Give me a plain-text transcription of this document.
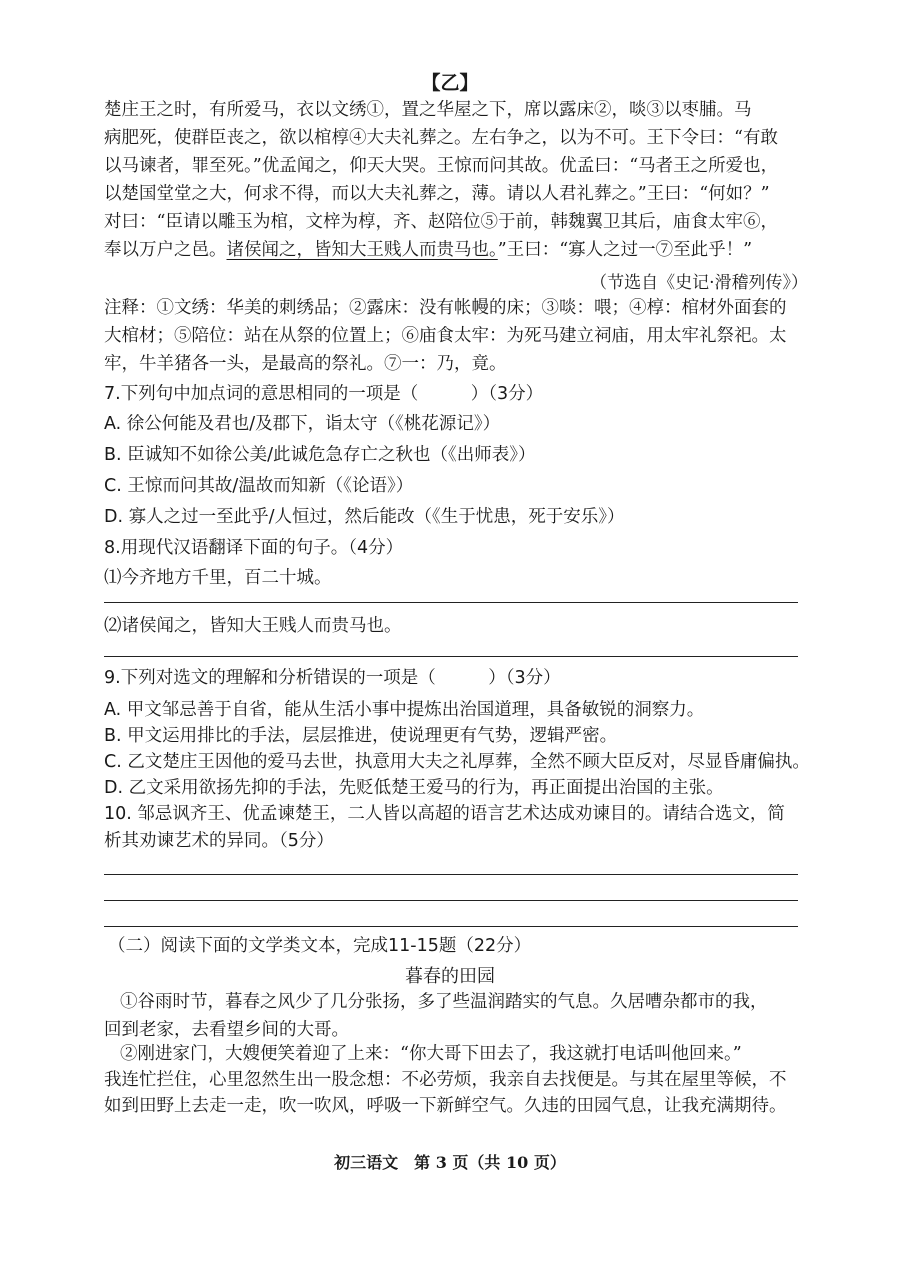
【乙】
楚庄王之时，有所爱马，衣以文绣①，置之华屋之下，席以露床②，啖③以枣脯。马
病肥死，使群臣丧之，欲以棺椁④大夫礼葬之。左右争之，以为不可。王下令曰：“有敢
以马谏者，罪至死。”优孟闻之，仰天大哭。王惊而问其故。优孟曰：“马者王之所爱也，
以楚国堂堂之大，何求不得，而以大夫礼葬之，薄。请以人君礼葬之。”王曰：“何如？”
对曰：“臣请以雕玉为棺，文梓为椁，齐、赵陪位⑤于前，韩魏翼卫其后，庙食太牢⑥，
奉以万户之邑。诸侯闻之，皆知大王贱人而贵马也。”王曰：“寡人之过一⑦至此乎！”
（节选自《史记·滑稽列传》）
注释：①文绣：华美的刺绣品；②露床：没有帐幔的床；③啖：喂；④椁：棺材外面套的
大棺材；⑤陪位：站在从祭的位置上；⑥庙食太牢：为死马建立祠庙，用太牢礼祭祀。太
牢，牛羊猪各一头，是最高的祭礼。⑦一：乃，竟。
7.下列句中加点词的意思相同的一项是（　　　）（3分）
A. 徐公何能及君也/及郡下，诣太守（《桃花源记》）
B. 臣诚知不如徐公美/此诚危急存亡之秋也（《出师表》）
C. 王惊而问其故/温故而知新（《论语》）
D. 寡人之过一至此乎/人恒过，然后能改（《生于忧患，死于安乐》）
8.用现代汉语翻译下面的句子。（4分）
⑴今齐地方千里，百二十城。
⑵诸侯闻之，皆知大王贱人而贵马也。
9.下列对选文的理解和分析错误的一项是（　　　）（3分）
A. 甲文邹忌善于自省，能从生活小事中提炼出治国道理，具备敏锐的洞察力。
B. 甲文运用排比的手法，层层推进，使说理更有气势，逻辑严密。
C. 乙文楚庄王因他的爱马去世，执意用大夫之礼厚葬，全然不顾大臣反对，尽显昏庸偏执。
D. 乙文采用欲扬先抑的手法，先贬低楚王爱马的行为，再正面提出治国的主张。
10. 邹忌讽齐王、优孟谏楚王，二人皆以高超的语言艺术达成劝谏目的。请结合选文，简
析其劝谏艺术的异同。（5分）
（二）阅读下面的文学类文本，完成11-15题（22分）
暮春的田园
①谷雨时节，暮春之风少了几分张扬，多了些温润踏实的气息。久居嘈杂都市的我，
回到老家，去看望乡间的大哥。
②刚进家门，大嫂便笑着迎了上来：“你大哥下田去了，我这就打电话叫他回来。”
我连忙拦住，心里忽然生出一股念想：不必劳烦，我亲自去找便是。与其在屋里等候，不
如到田野上去走一走，吹一吹风，呼吸一下新鲜空气。久违的田园气息，让我充满期待。
初三语文　第 3 页（共 10 页）
